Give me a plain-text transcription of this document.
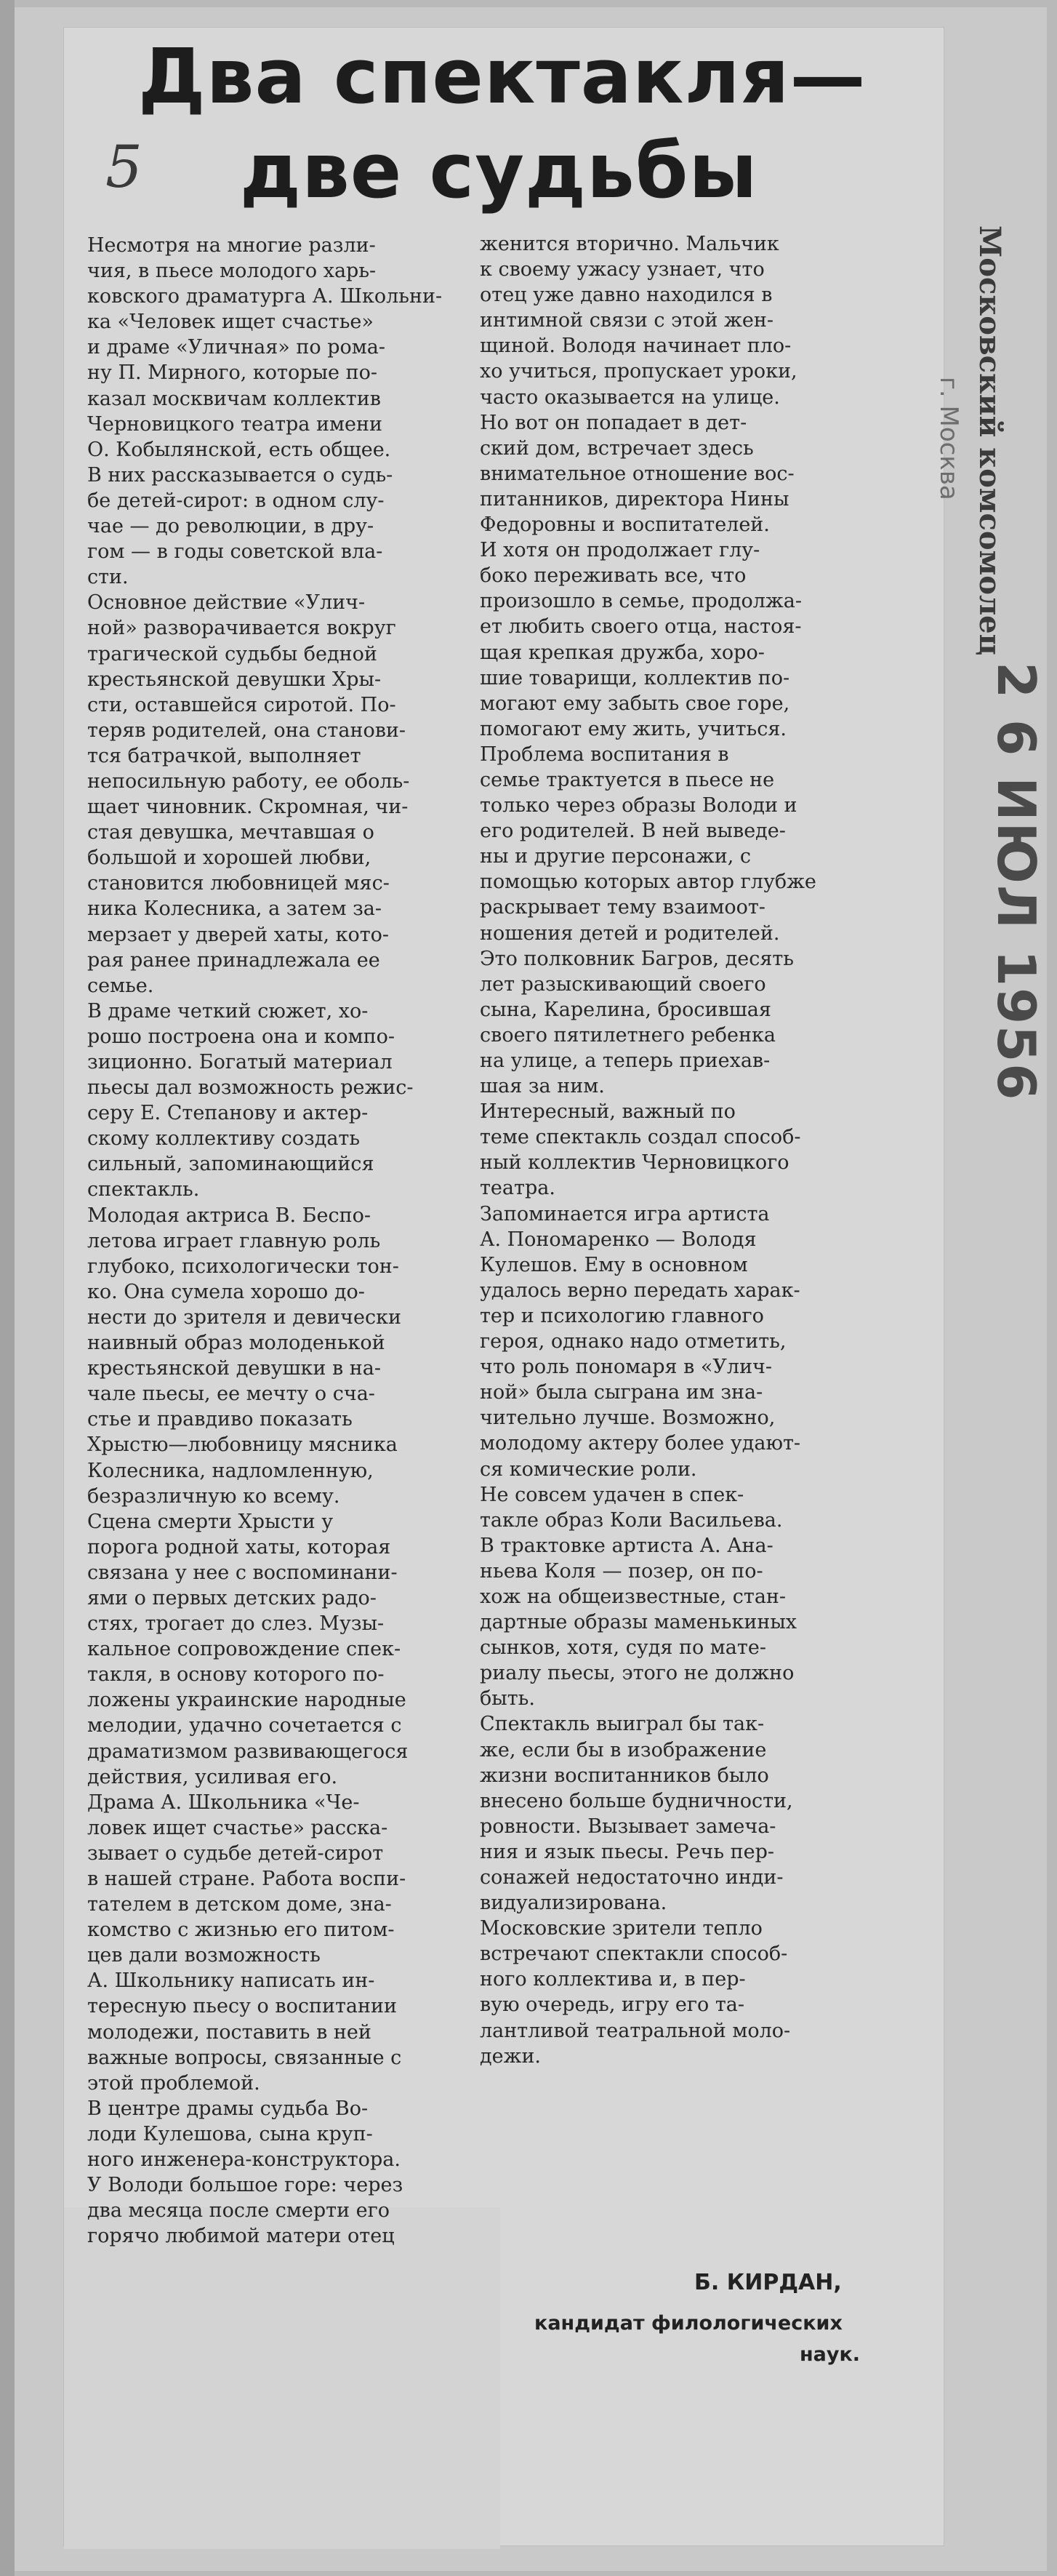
Два спектакля—
две судьбы
5
Несмотря на многие разли-
чия, в пьесе молодого харь-
ковского драматурга А. Школьни-
ка «Человек ищет счастье»
и драме «Уличная» по рома-
ну П. Мирного, которые по-
казал москвичам коллектив
Черновицкого театра имени
О. Кобылянской, есть общее.
В них рассказывается о судь-
бе детей-сирот: в одном слу-
чае — до революции, в дру-
гом — в годы советской вла-
сти.
Основное действие «Улич-
ной» разворачивается вокруг
трагической судьбы бедной
крестьянской девушки Хры-
сти, оставшейся сиротой. По-
теряв родителей, она станови-
тся батрачкой, выполняет
непосильную работу, ее оболь-
щает чиновник. Скромная, чи-
стая девушка, мечтавшая о
большой и хорошей любви,
становится любовницей мяс-
ника Колесника, а затем за-
мерзает у дверей хаты, кото-
рая ранее принадлежала ее
семье.
В драме четкий сюжет, хо-
рошо построена она и компо-
зиционно. Богатый материал
пьесы дал возможность режис-
серу Е. Степанову и актер-
скому коллективу создать
сильный, запоминающийся
спектакль.
Молодая актриса В. Беспо-
летова играет главную роль
глубоко, психологически тон-
ко. Она сумела хорошо до-
нести до зрителя и девически
наивный образ молоденькой
крестьянской девушки в на-
чале пьесы, ее мечту о сча-
стье и правдиво показать
Хрыстю—любовницу мясника
Колесника, надломленную,
безразличную ко всему.
Сцена смерти Хрысти у
порога родной хаты, которая
связана у нее с воспоминани-
ями о первых детских радо-
стях, трогает до слез. Музы-
кальное сопровождение спек-
такля, в основу которого по-
ложены украинские народные
мелодии, удачно сочетается с
драматизмом развивающегося
действия, усиливая его.
Драма А. Школьника «Че-
ловек ищет счастье» расска-
зывает о судьбе детей-сирот
в нашей стране. Работа воспи-
тателем в детском доме, зна-
комство с жизнью его питом-
цев дали возможность
А. Школьнику написать ин-
тересную пьесу о воспитании
молодежи, поставить в ней
важные вопросы, связанные с
этой проблемой.
В центре драмы судьба Во-
лоди Кулешова, сына круп-
ного инженера-конструктора.
У Володи большое горе: через
два месяца после смерти его
горячо любимой матери отец
женится вторично. Мальчик
к своему ужасу узнает, что
отец уже давно находился в
интимной связи с этой жен-
щиной. Володя начинает пло-
хо учиться, пропускает уроки,
часто оказывается на улице.
Но вот он попадает в дет-
ский дом, встречает здесь
внимательное отношение вос-
питанников, директора Нины
Федоровны и воспитателей.
И хотя он продолжает глу-
боко переживать все, что
произошло в семье, продолжа-
ет любить своего отца, настоя-
щая крепкая дружба, хоро-
шие товарищи, коллектив по-
могают ему забыть свое горе,
помогают ему жить, учиться.
Проблема воспитания в
семье трактуется в пьесе не
только через образы Володи и
его родителей. В ней выведе-
ны и другие персонажи, с
помощью которых автор глубже
раскрывает тему взаимоот-
ношения детей и родителей.
Это полковник Багров, десять
лет разыскивающий своего
сына, Карелина, бросившая
своего пятилетнего ребенка
на улице, а теперь приехав-
шая за ним.
Интересный, важный по
теме спектакль создал способ-
ный коллектив Черновицкого
театра.
Запоминается игра артиста
А. Пономаренко — Володя
Кулешов. Ему в основном
удалось верно передать харак-
тер и психологию главного
героя, однако надо отметить,
что роль пономаря в «Улич-
ной» была сыграна им зна-
чительно лучше. Возможно,
молодому актеру более удают-
ся комические роли.
Не совсем удачен в спек-
такле образ Коли Васильева.
В трактовке артиста А. Ана-
ньева Коля — позер, он по-
хож на общеизвестные, стан-
дартные образы маменькиных
сынков, хотя, судя по мате-
риалу пьесы, этого не должно
быть.
Спектакль выиграл бы так-
же, если бы в изображение
жизни воспитанников было
внесено больше будничности,
ровности. Вызывает замеча-
ния и язык пьесы. Речь пер-
сонажей недостаточно инди-
видуализирована.
Московские зрители тепло
встречают спектакли способ-
ного коллектива и, в пер-
вую очередь, игру его та-
лантливой театральной моло-
дежи.

Б. КИРДАН,

кандидат филологических

наук.

Московский комсомолец
г. Москва
2 6 ИЮЛ 1956
